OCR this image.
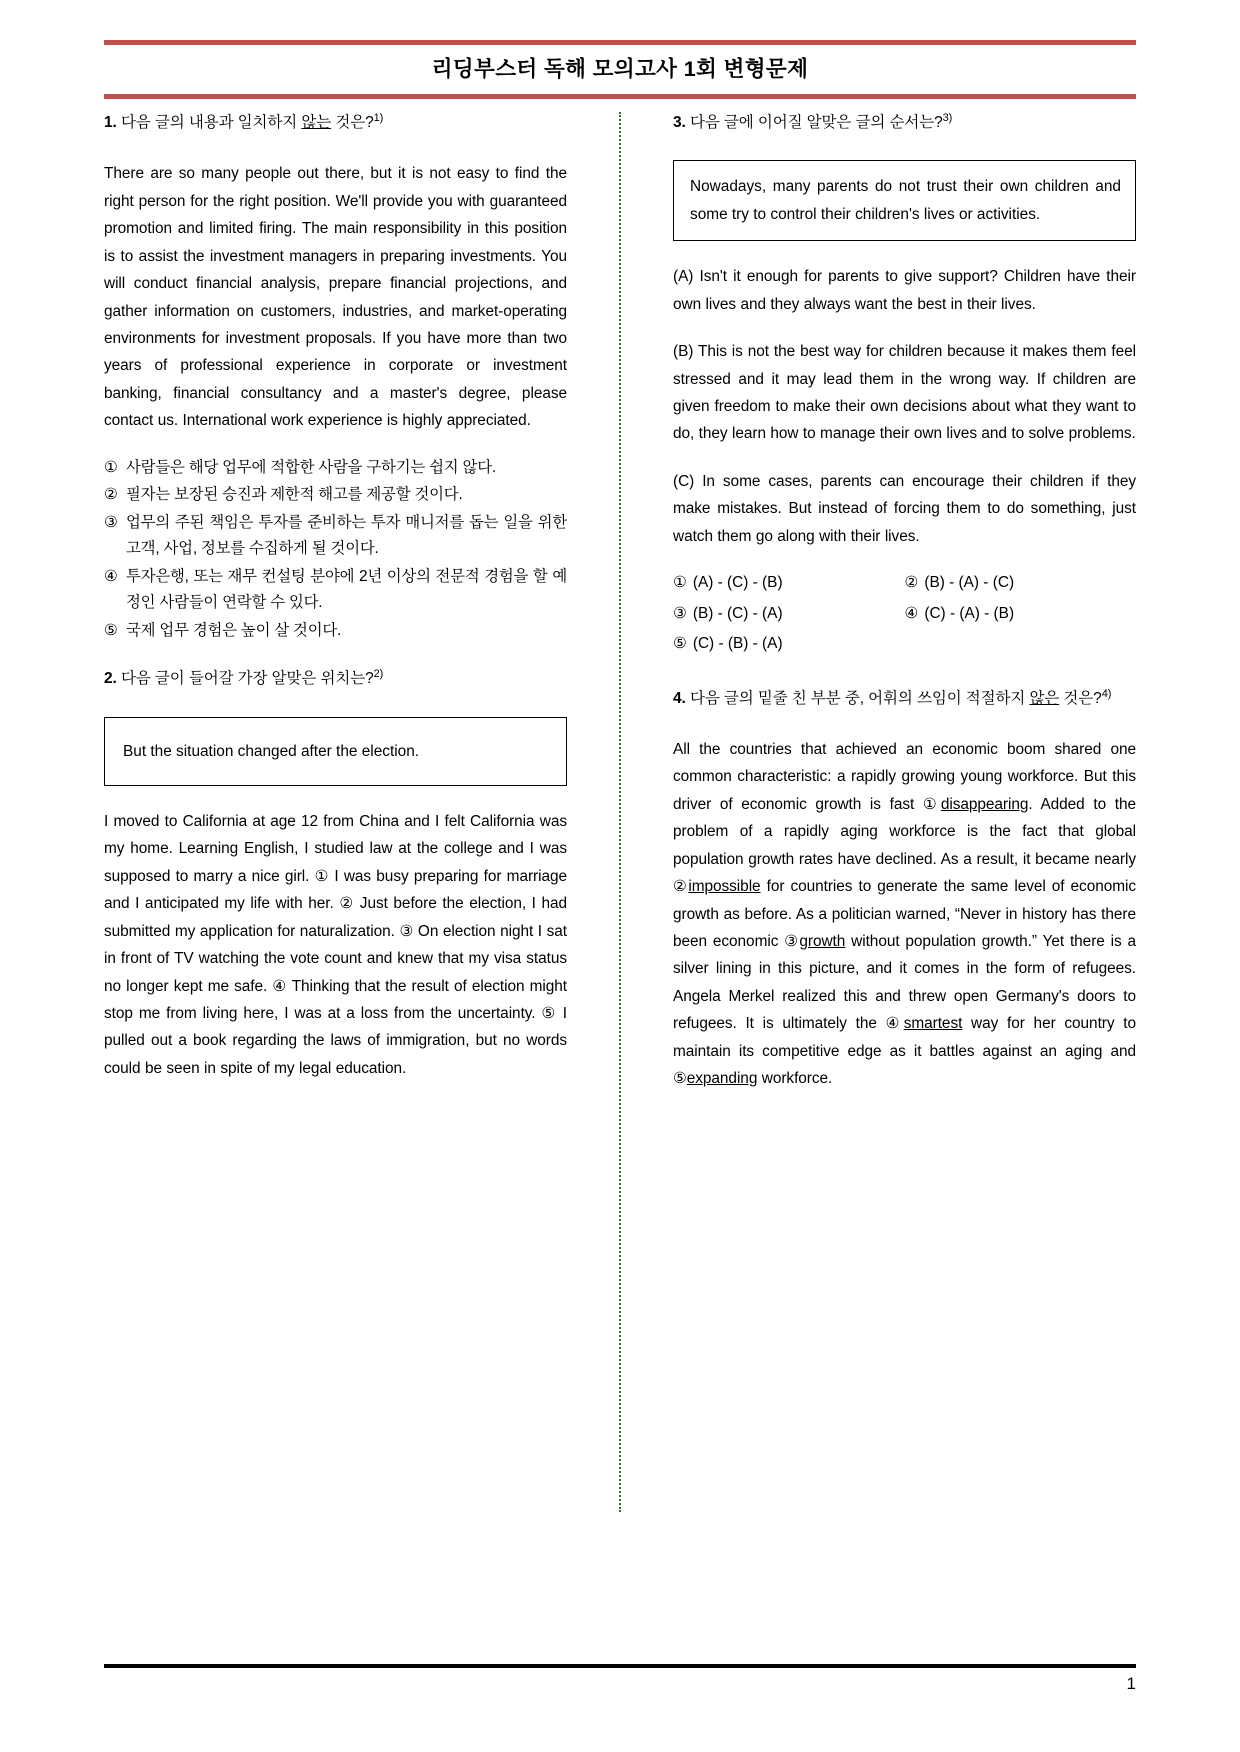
리딩부스터 독해 모의고사 1회 변형문제

1. 다음 글의 내용과 일치하지 않는 것은?$^{1)}$

There are so many people out there, but it is not easy to find the right person for the right position. We'll provide you with guaranteed promotion and limited firing. The main responsibility in this position is to assist the investment managers in preparing investments. You will conduct financial analysis, prepare financial projections, and gather information on customers, industries, and market-operating environments for investment proposals. If you have more than two years of professional experience in corporate or investment banking, financial consultancy and a master's degree, please contact us. International work experience is highly appreciated.

① 사람들은 해당 업무에 적합한 사람을 구하기는 쉽지 않다.
② 필자는 보장된 승진과 제한적 해고를 제공할 것이다.
③ 업무의 주된 책임은 투자를 준비하는 투자 매니저를 돕는 일을 위한 고객, 사업, 정보를 수집하게 될 것이다.
④ 투자은행, 또는 재무 컨설팅 분야에 2년 이상의 전문적 경험을 할 예정인 사람들이 연락할 수 있다.
⑤ 국제 업무 경험은 높이 살 것이다.

2. 다음 글이 들어갈 가장 알맞은 위치는?$^{2)}$

But the situation changed after the election.

I moved to California at age 12 from China and I felt California was my home. Learning English, I studied law at the college and I was supposed to marry a nice girl. ① I was busy preparing for marriage and I anticipated my life with her. ② Just before the election, I had submitted my application for naturalization. ③ On election night I sat in front of TV watching the vote count and knew that my visa status no longer kept me safe. ④ Thinking that the result of election might stop me from living here, I was at a loss from the uncertainty. ⑤ I pulled out a book regarding the laws of immigration, but no words could be seen in spite of my legal education.

3. 다음 글에 이어질 알맞은 글의 순서는?$^{3)}$

Nowadays, many parents do not trust their own children and some try to control their children's lives or activities.

(A) Isn't it enough for parents to give support? Children have their own lives and they always want the best in their lives.

(B) This is not the best way for children because it makes them feel stressed and it may lead them in the wrong way. If children are given freedom to make their own decisions about what they want to do, they learn how to manage their own lives and to solve problems.

(C) In some cases, parents can encourage their children if they make mistakes. But instead of forcing them to do something, just watch them go along with their lives.

① (A) - (C) - (B)	② (B) - (A) - (C)
③ (B) - (C) - (A)	④ (C) - (A) - (B)
⑤ (C) - (B) - (A)

4. 다음 글의 밑줄 친 부분 중, 어휘의 쓰임이 적절하지 않은 것은?$^{4)}$

All the countries that achieved an economic boom shared one common characteristic: a rapidly growing young workforce. But this driver of economic growth is fast ①disappearing. Added to the problem of a rapidly aging workforce is the fact that global population growth rates have declined. As a result, it became nearly ②impossible for countries to generate the same level of economic growth as before. As a politician warned, “Never in history has there been economic ③growth without population growth.” Yet there is a silver lining in this picture, and it comes in the form of refugees. Angela Merkel realized this and threw open Germany's doors to refugees. It is ultimately the ④smartest way for her country to maintain its competitive edge as it battles against an aging and ⑤expanding workforce.

1
